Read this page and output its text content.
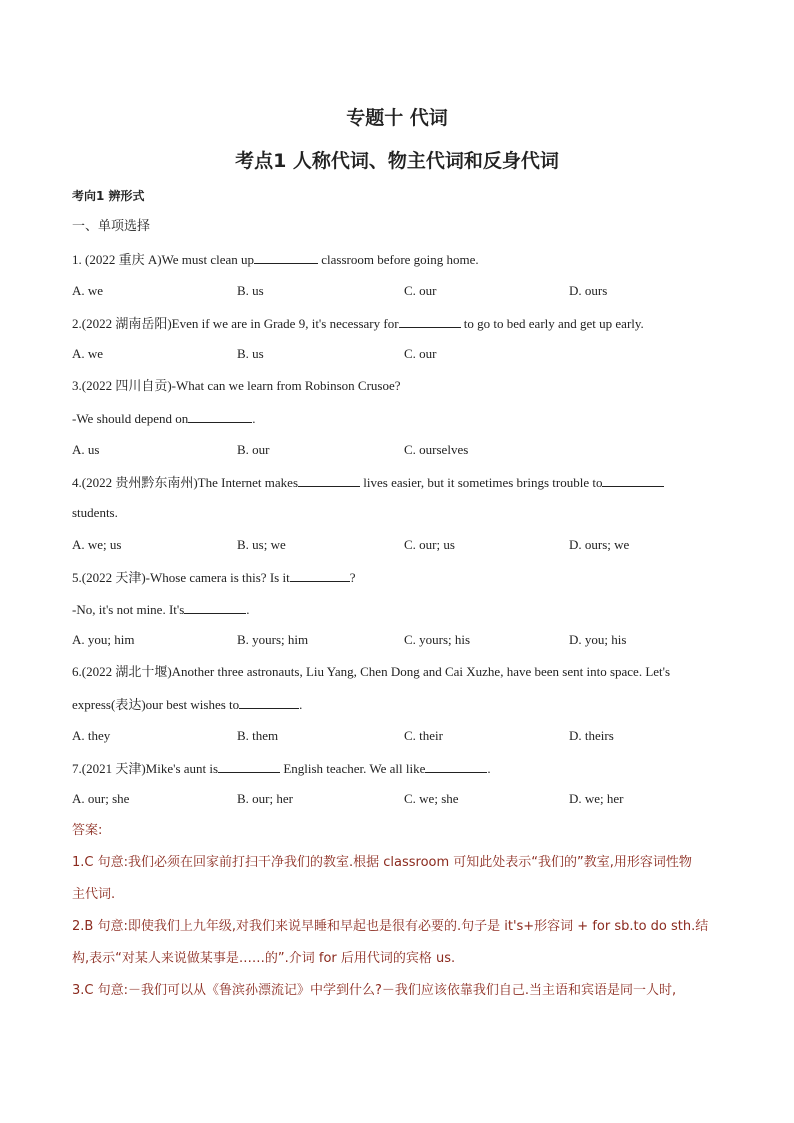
专题十 代词
考点1 人称代词、物主代词和反身代词
考向1 辨形式
一、单项选择
1. (2022 重庆 A)We must clean up	classroom before going home.
A. we	B. us	C. our	D. ours
2.(2022 湖南岳阳)Even if we are in Grade 9, it's necessary for	to go to bed early and get up early.
A. we	B. us	C. our
3.(2022 四川自贡)-What can we learn from Robinson Crusoe?
-We should depend on	.
A. us	B. our	C. ourselves
4.(2022 贵州黔东南州)The Internet makes	lives easier, but it sometimes brings trouble to
students.
A. we; us	B. us; we	C. our; us	D. ours; we
5.(2022 天津)-Whose camera is this? Is it	?
-No, it's not mine. It's	.
A. you; him	B. yours; him	C. yours; his	D. you; his
6.(2022 湖北十堰)Another three astronauts, Liu Yang, Chen Dong and Cai Xuzhe, have been sent into space. Let's
express(表达)our best wishes to	.
A. they	B. them	C. their	D. theirs
7.(2021 天津)Mike's aunt is	English teacher. We all like	.
A. our; she	B. our; her	C. we; she	D. we; her
答案:
1.C 句意:我们必须在回家前打扫干净我们的教室.根据 classroom 可知此处表示“我们的”教室,用形容词性物
主代词.
2.B 句意:即使我们上九年级,对我们来说早睡和早起也是很有必要的.句子是 it's+形容词 + for sb.to do sth.结
构,表示“对某人来说做某事是……的”.介词 for 后用代词的宾格 us.
3.C 句意:－我们可以从《鲁滨孙漂流记》中学到什么?－我们应该依靠我们自己.当主语和宾语是同一人时,
